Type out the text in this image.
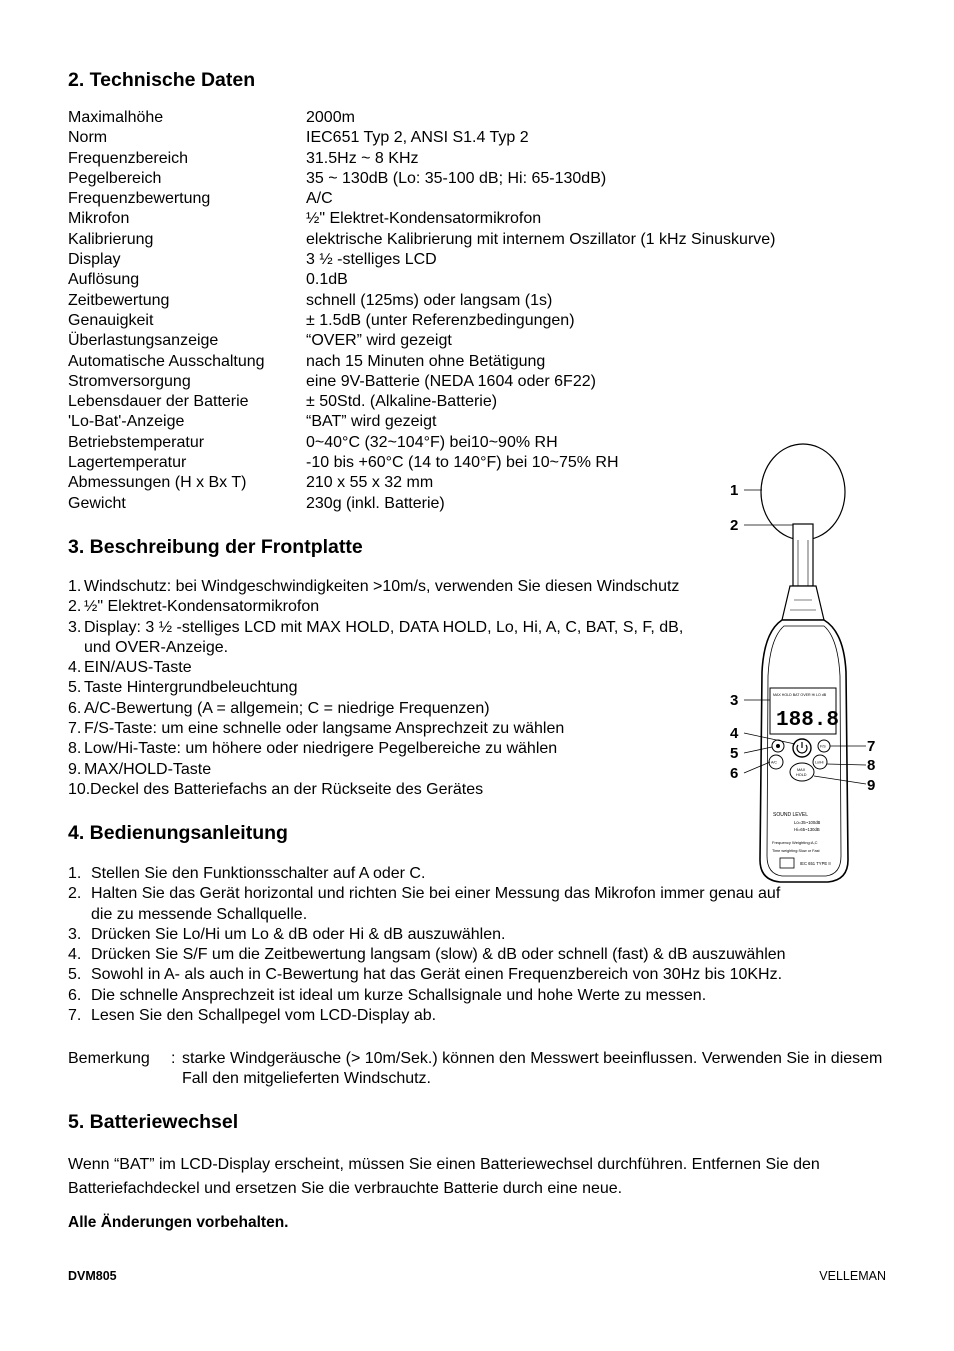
2. Technische Daten
Maximalhöhe	2000m
Norm	IEC651 Typ 2, ANSI S1.4 Typ 2
Frequenzbereich	31.5Hz ~ 8 KHz
Pegelbereich	35 ~ 130dB (Lo: 35-100 dB; Hi: 65-130dB)
Frequenzbewertung	A/C
Mikrofon	½" Elektret-Kondensatormikrofon
Kalibrierung	elektrische Kalibrierung mit internem Oszillator (1 kHz Sinuskurve)
Display	3 ½ -stelliges LCD
Auflösung	0.1dB
Zeitbewertung	schnell (125ms) oder langsam (1s)
Genauigkeit	± 1.5dB (unter Referenzbedingungen)
Überlastungsanzeige	“OVER” wird gezeigt
Automatische Ausschaltung	nach 15 Minuten ohne Betätigung
Stromversorgung	eine 9V-Batterie (NEDA 1604 oder 6F22)
Lebensdauer der Batterie	± 50Std. (Alkaline-Batterie)
'Lo-Bat'-Anzeige	“BAT” wird gezeigt
Betriebstemperatur	0~40°C (32~104°F) bei10~90% RH
Lagertemperatur	-10 bis +60°C (14 to 140°F) bei 10~75% RH
Abmessungen (H x Bx T)	210 x 55 x 32 mm
Gewicht	230g (inkl. Batterie)
3. Beschreibung der Frontplatte
1. Windschutz: bei Windgeschwindigkeiten >10m/s, verwenden Sie diesen Windschutz
2. ½" Elektret-Kondensatormikrofon
3. Display: 3 ½ -stelliges LCD mit MAX HOLD, DATA HOLD, Lo, Hi, A, C, BAT, S, F, dB, und OVER-Anzeige.
4. EIN/AUS-Taste
5. Taste Hintergrundbeleuchtung
6. A/C-Bewertung (A = allgemein; C = niedrige Frequenzen)
7. F/S-Taste: um eine schnelle oder langsame Ansprechzeit zu wählen
8. Low/Hi-Taste: um höhere oder niedrigere Pegelbereiche zu wählen
9. MAX/HOLD-Taste
10. Deckel des Batteriefachs an der Rückseite des Gerätes
4. Bedienungsanleitung
1. Stellen Sie den Funktionsschalter auf A oder C.
2. Halten Sie das Gerät horizontal und richten Sie bei einer Messung das Mikrofon immer genau auf die zu messende Schallquelle.
3. Drücken Sie Lo/Hi um Lo & dB oder Hi & dB auszuwählen.
4. Drücken Sie S/F um die Zeitbewertung langsam (slow) & dB oder schnell (fast) & dB auszuwählen
5. Sowohl in A- als auch in C-Bewertung hat das Gerät einen Frequenzbereich von 30Hz bis 10KHz.
6. Die schnelle Ansprechzeit ist ideal um kurze Schallsignale und hohe Werte zu messen.
7. Lesen Sie den Schallpegel vom LCD-Display ab.
Bemerkung	: starke Windgeräusche (> 10m/Sek.) können den Messwert beeinflussen. Verwenden Sie in diesem Fall den mitgelieferten Windschutz.
5. Batteriewechsel
Wenn “BAT” im LCD-Display erscheint, müssen Sie einen Batteriewechsel durchführen. Entfernen Sie den Batteriefachdeckel und ersetzen Sie die verbrauchte Batterie durch eine neue.
Alle Änderungen vorbehalten.
DVM805	VELLEMAN
MAX HOLD BAT OVER Hi LO dB
188.8
F/S
A/C	Lo/Hi
MAX
HOLD
SOUND LEVEL
Lo=35~100dB
Hi=65~130dB
Frequency Weighting:A,C
Time weighting:Slow or Fast
IEC 651 TYPE II
1
2
3
4
5
6
7
8
9
